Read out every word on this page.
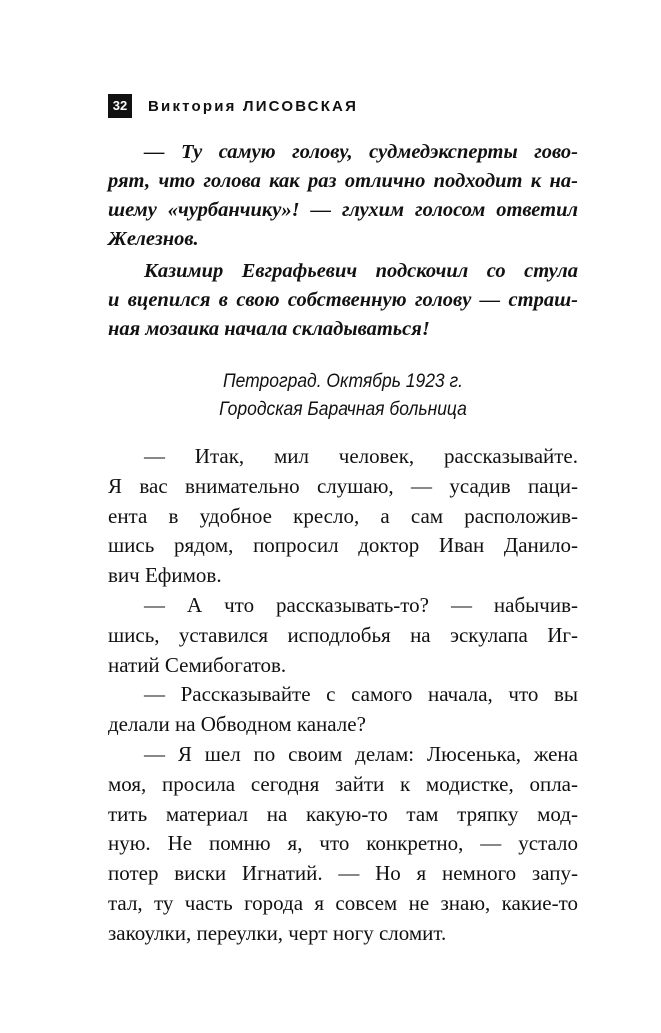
32	Виктория ЛИСОВСКАЯ
— Ту самую голову, судмедэксперты гово-
рят, что голова как раз отлично подходит к на-
шему «чурбанчику»! — глухим голосом ответил
Железнов.
Казимир Евграфьевич подскочил со стула
и вцепился в свою собственную голову — страш-
ная мозаика начала складываться!
Петроград. Октябрь 1923 г.
Городская Барачная больница
— Итак, мил человек, рассказывайте.
Я вас внимательно слушаю, — усадив паци-
ента в удобное кресло, а сам расположив-
шись рядом, попросил доктор Иван Данило-
вич Ефимов.
— А что рассказывать-то? — набычив-
шись, уставился исподлобья на эскулапа Иг-
натий Семибогатов.
— Рассказывайте с самого начала, что вы
делали на Обводном канале?
— Я шел по своим делам: Люсенька, жена
моя, просила сегодня зайти к модистке, опла-
тить материал на какую-то там тряпку мод-
ную. Не помню я, что конкретно, — устало
потер виски Игнатий. — Но я немного запу-
тал, ту часть города я совсем не знаю, какие-то
закоулки, переулки, черт ногу сломит.
